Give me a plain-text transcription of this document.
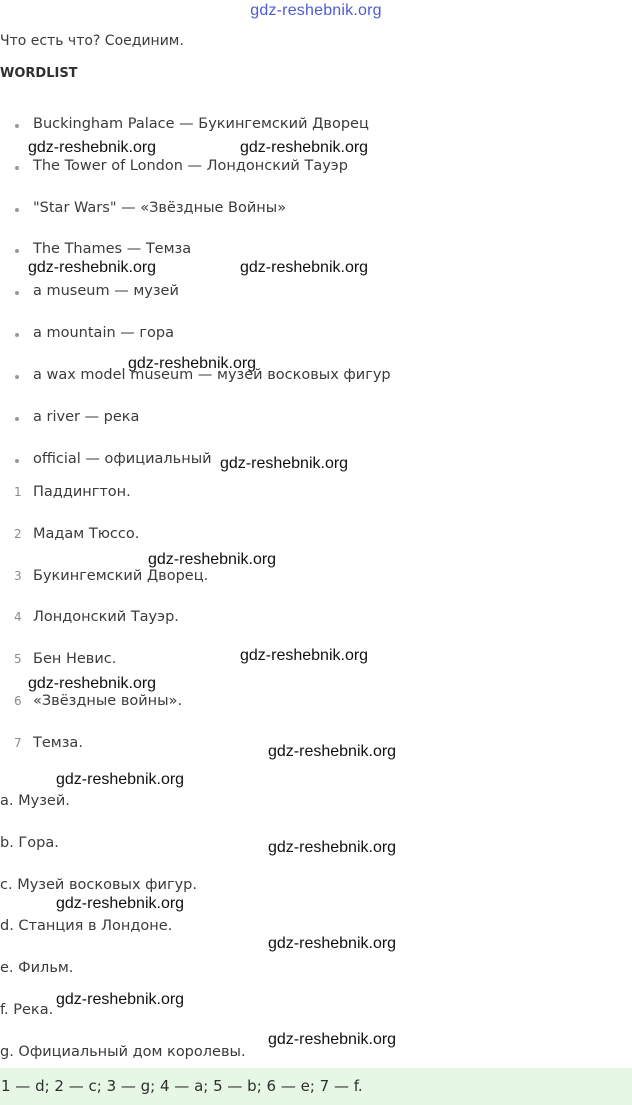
gdz-reshebnik.org
Что есть что? Соединим.
WORDLIST
Buckingham Palace — Букингемский Дворец
The Tower of London — Лондонский Тауэр
"Star Wars" — «Звёздные Войны»
The Thames — Темза
a museum — музей
a mountain — гора
a wax model museum — музей восковых фигур
a river — река
official — официальный
1 Паддингтон.
2 Мадам Тюссо.
3 Букингемский Дворец.
4 Лондонский Тауэр.
5 Бен Невис.
6 «Звёздные войны».
7 Темза.
a. Музей.
b. Гора.
c. Музей восковых фигур.
d. Станция в Лондоне.
e. Фильм.
f. Река.
g. Официальный дом королевы.
1 — d; 2 — c; 3 — g; 4 — a; 5 — b; 6 — e; 7 — f.
gdz-reshebnik.org	gdz-reshebnik.org
gdz-reshebnik.org	gdz-reshebnik.org
gdz-reshebnik.org
gdz-reshebnik.org
gdz-reshebnik.org
gdz-reshebnik.org
gdz-reshebnik.org
gdz-reshebnik.org
gdz-reshebnik.org
gdz-reshebnik.org
gdz-reshebnik.org
gdz-reshebnik.org
gdz-reshebnik.org
gdz-reshebnik.org
